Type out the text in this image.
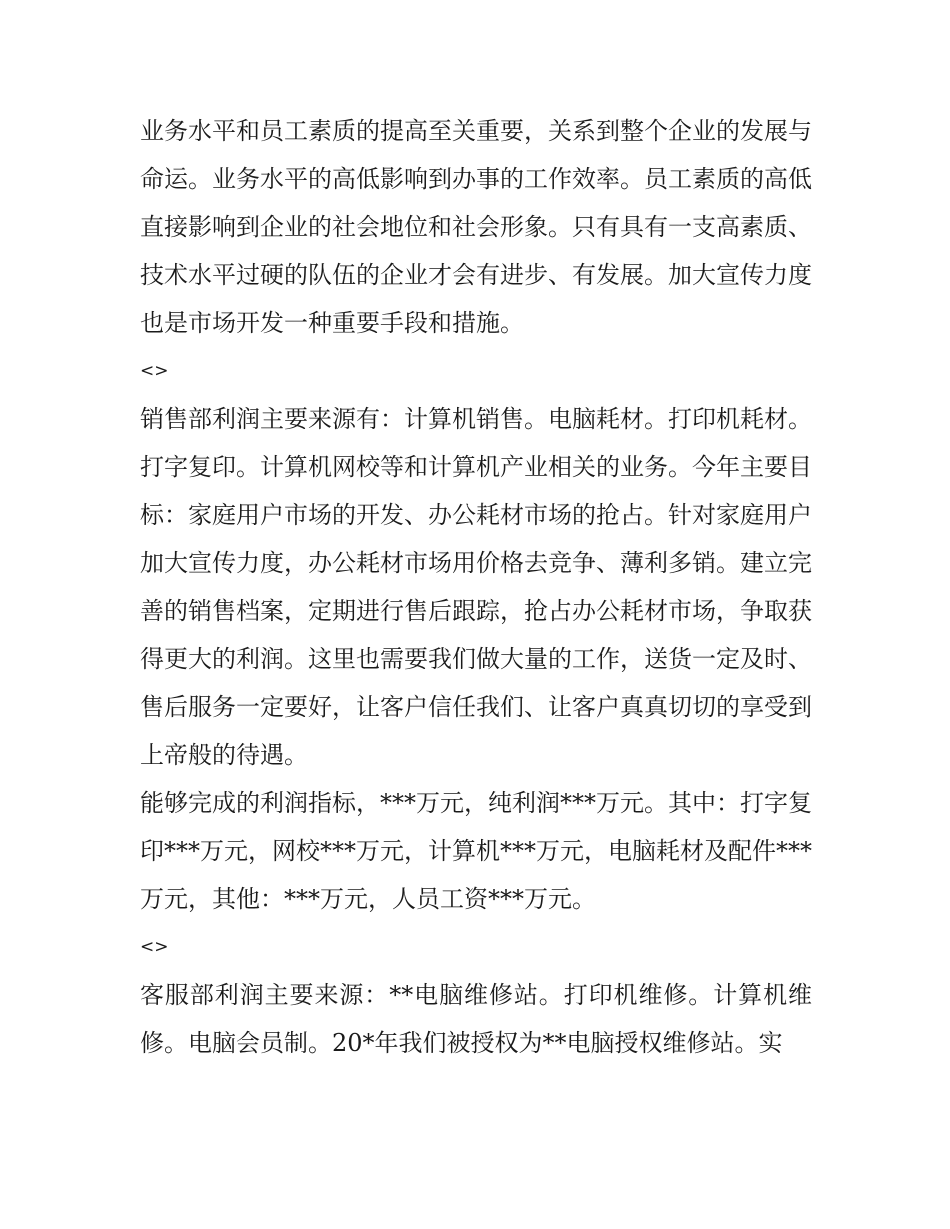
业务水平和员工素质的提高至关重要，关系到整个企业的发展与命运。业务水平的高低影响到办事的工作效率。员工素质的高低直接影响到企业的社会地位和社会形象。只有具有一支高素质、技术水平过硬的队伍的企业才会有进步、有发展。加大宣传力度也是市场开发一种重要手段和措施。

<>

销售部利润主要来源有：计算机销售。电脑耗材。打印机耗材。打字复印。计算机网校等和计算机产业相关的业务。今年主要目标：家庭用户市场的开发、办公耗材市场的抢占。针对家庭用户加大宣传力度，办公耗材市场用价格去竞争、薄利多销。建立完善的销售档案，定期进行售后跟踪，抢占办公耗材市场，争取获得更大的利润。这里也需要我们做大量的工作，送货一定及时、售后服务一定要好，让客户信任我们、让客户真真切切的享受到上帝般的待遇。

能够完成的利润指标，***万元，纯利润***万元。其中：打字复印***万元，网校***万元，计算机***万元，电脑耗材及配件***万元，其他：***万元，人员工资***万元。

<>

客服部利润主要来源：**电脑维修站。打印机维修。计算机维修。电脑会员制。20*年我们被授权为**电脑授权维修站。实
